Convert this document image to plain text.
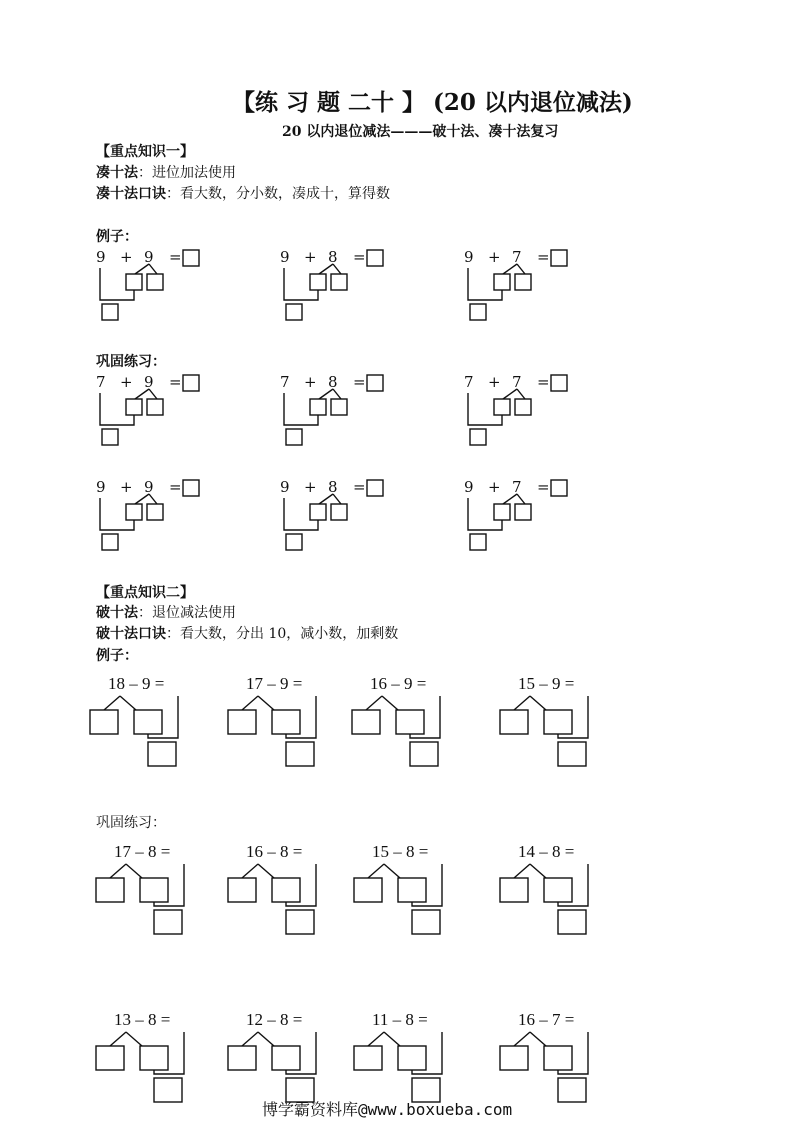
【练 习 题 二十 】 (20 以内退位减法)
20 以内退位减法———破十法、凑十法复习
【重点知识一】
凑十法：进位加法使用
凑十法口诀：看大数，分小数，凑成十，算得数
例子：
巩固练习：
9 + 9 =	9 + 8 =	9 + 7 =
7 + 9 =	7 + 8 =	7 + 7 =
9 + 9 =	9 + 8 =	9 + 7 =
【重点知识二】
破十法：退位减法使用
破十法口诀：看大数，分出 10，减小数，加剩数
例子：
巩固练习：
18 – 9 =	17 – 9 =	16 – 9 =	15 – 9 =
17 – 8 =	16 – 8 =	15 – 8 =	14 – 8 =
13 – 8 =	12 – 8 =	11 – 8 =	16 – 7 =
博学霸资料库@www.boxueba.com
